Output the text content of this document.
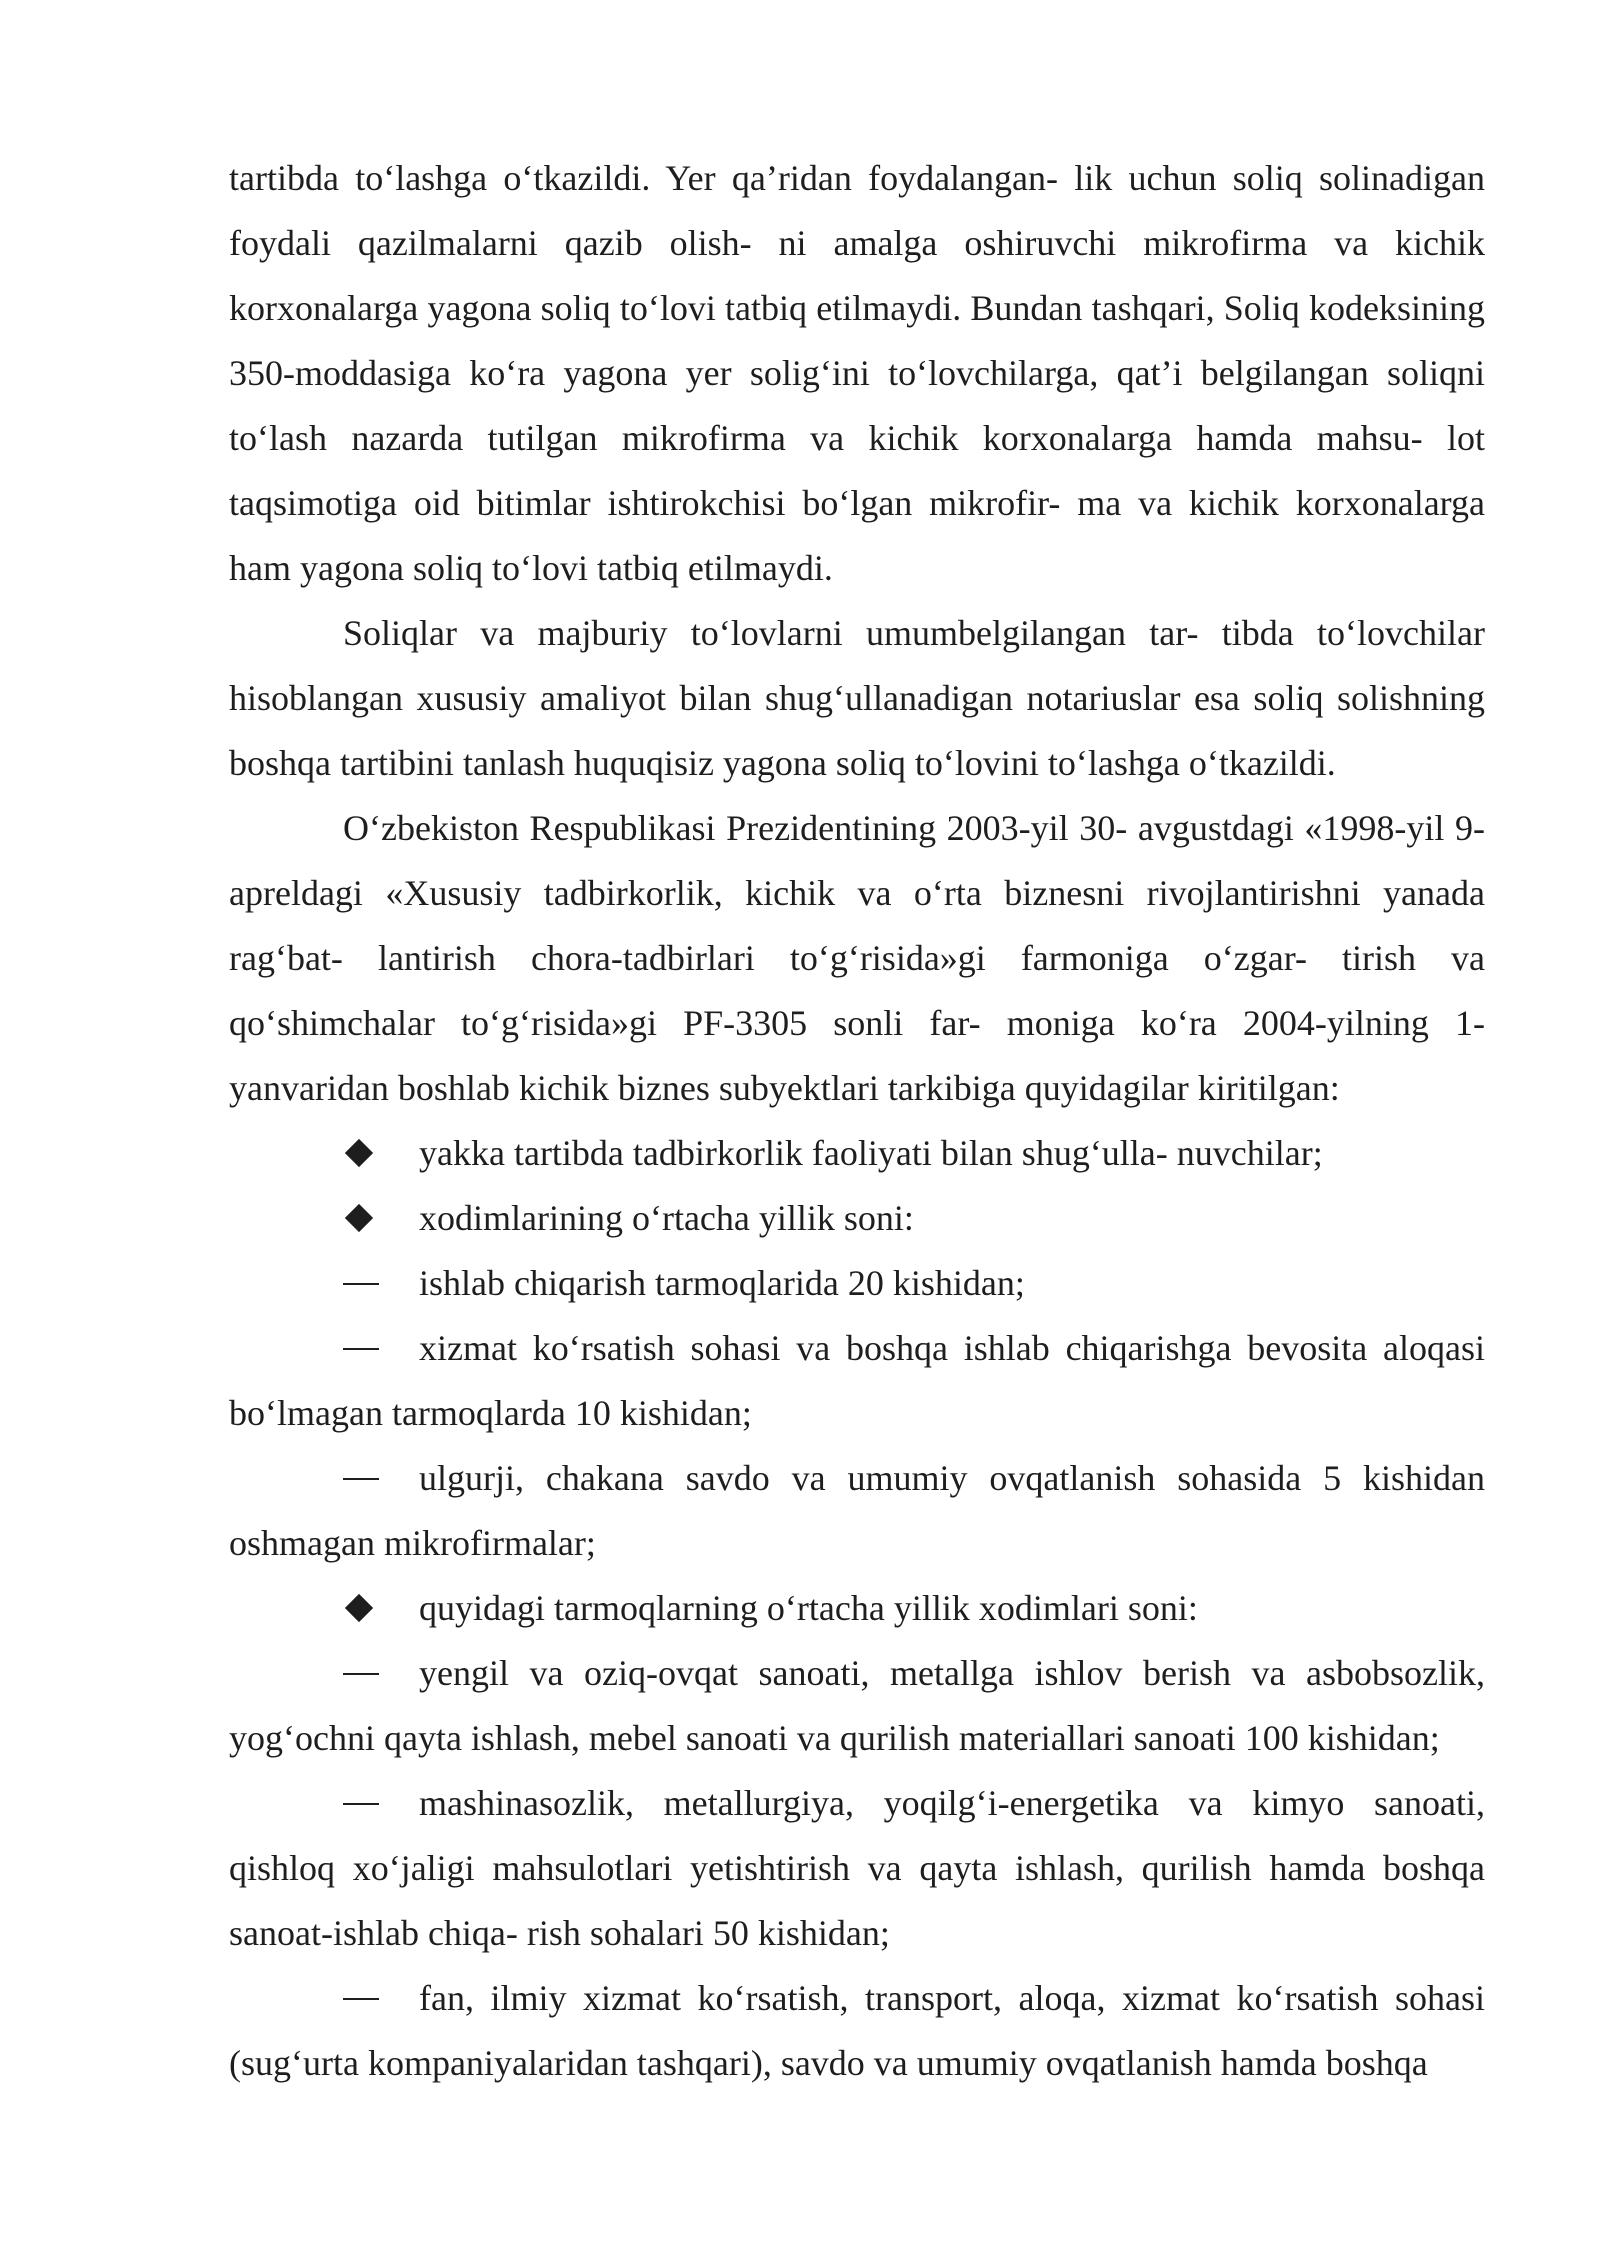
tartibda to‘lashga o‘tkazildi. Yer qa’ridan foydalangan- lik uchun soliq solinadigan foydali qazilmalarni qazib olish- ni amalga oshiruvchi mikrofirma va kichik korxonalarga yagona soliq to‘lovi tatbiq etilmaydi. Bundan tashqari, Soliq kodeksining 350-moddasiga ko‘ra yagona yer solig‘ini to‘lovchilarga, qat’i belgilangan soliqni to‘lash nazarda tutilgan mikrofirma va kichik korxonalarga hamda mahsu- lot taqsimotiga oid bitimlar ishtirokchisi bo‘lgan mikrofir- ma va kichik korxonalarga ham yagona soliq to‘lovi tatbiq etilmaydi.

Soliqlar va majburiy to‘lovlarni umumbelgilangan tar- tibda to‘lovchilar hisoblangan xususiy amaliyot bilan shug‘ullanadigan notariuslar esa soliq solishning boshqa tartibini tanlash huquqisiz yagona soliq to‘lovini to‘lashga o‘tkazildi.

O‘zbekiston Respublikasi Prezidentining 2003-yil 30- avgustdagi «1998-yil 9-apreldagi «Xususiy tadbirkorlik, kichik va o‘rta biznesni rivojlantirishni yanada rag‘bat- lantirish chora-tadbirlari to‘g‘risida»gi farmoniga o‘zgar- tirish va qo‘shimchalar to‘g‘risida»gi PF-3305 sonli far- moniga ko‘ra 2004-yilning 1-yanvaridan boshlab kichik biznes subyektlari tarkibiga quyidagilar kiritilgan:

yakka tartibda tadbirkorlik faoliyati bilan shug‘ulla- nuvchilar;
xodimlarining o‘rtacha yillik soni:
ishlab chiqarish tarmoqlarida 20 kishidan;
xizmat ko‘rsatish sohasi va boshqa ishlab chiqarishga bevosita aloqasi bo‘lmagan tarmoqlarda 10 kishidan;
ulgurji, chakana savdo va umumiy ovqatlanish sohasida 5 kishidan oshmagan mikrofirmalar;
quyidagi tarmoqlarning o‘rtacha yillik xodimlari soni:
yengil va oziq-ovqat sanoati, metallga ishlov berish va asbobsozlik, yog‘ochni qayta ishlash, mebel sanoati va qurilish materiallari sanoati 100 kishidan;
mashinasozlik, metallurgiya, yoqilg‘i-energetika va kimyo sanoati, qishloq xo‘jaligi mahsulotlari yetishtirish va qayta ishlash, qurilish hamda boshqa sanoat-ishlab chiqa- rish sohalari 50 kishidan;
fan, ilmiy xizmat ko‘rsatish, transport, aloqa, xizmat ko‘rsatish sohasi (sug‘urta kompaniyalaridan tashqari), savdo va umumiy ovqatlanish hamda boshqa
